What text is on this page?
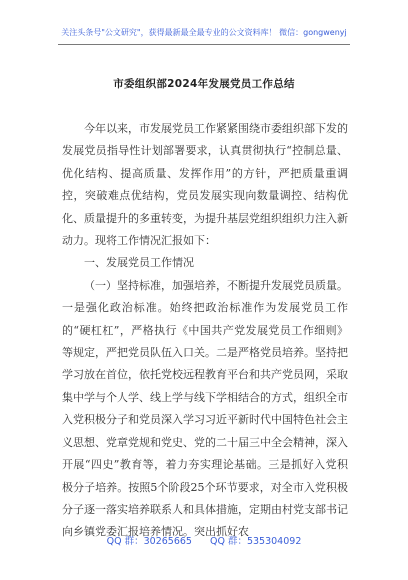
关注头条号"公文研究"，获得最新最全最专业的公文资料库！ 微信：gongwenyj
市委组织部2024年发展党员工作总结

今年以来，市发展党员工作紧紧围绕市委组织部下发的发展党员指导性计划部署要求，认真贯彻执行“控制总量、优化结构、提高质量、发挥作用”的方针，严把质量重调控，突破难点优结构，党员发展实现向数量调控、结构优化、质量提升的多重转变，为提升基层党组织组织力注入新动力。现将工作情况汇报如下：

一、发展党员工作情况

（一）坚持标准，加强培养，不断提升发展党员质量。一是强化政治标准。始终把政治标准作为发展党员工作的“硬杠杠”，严格执行《中国共产党发展党员工作细则》等规定，严把党员队伍入口关。二是严格党员培养。坚持把学习放在首位，依托党校远程教育平台和共产党员网，采取集中学与个人学、线上学与线下学相结合的方式，组织全市入党积极分子和党员深入学习习近平新时代中国特色社会主义思想、党章党规和党史、党的二十届三中全会精神，深入开展“四史”教育等，着力夯实理论基础。三是抓好入党积极分子培养。按照5个阶段25个环节要求，对全市入党积极分子逐一落实培养联系人和具体措施，定期由村党支部书记向乡镇党委汇报培养情况。突出抓好农

QQ 群：30265665 QQ 群：535304092
